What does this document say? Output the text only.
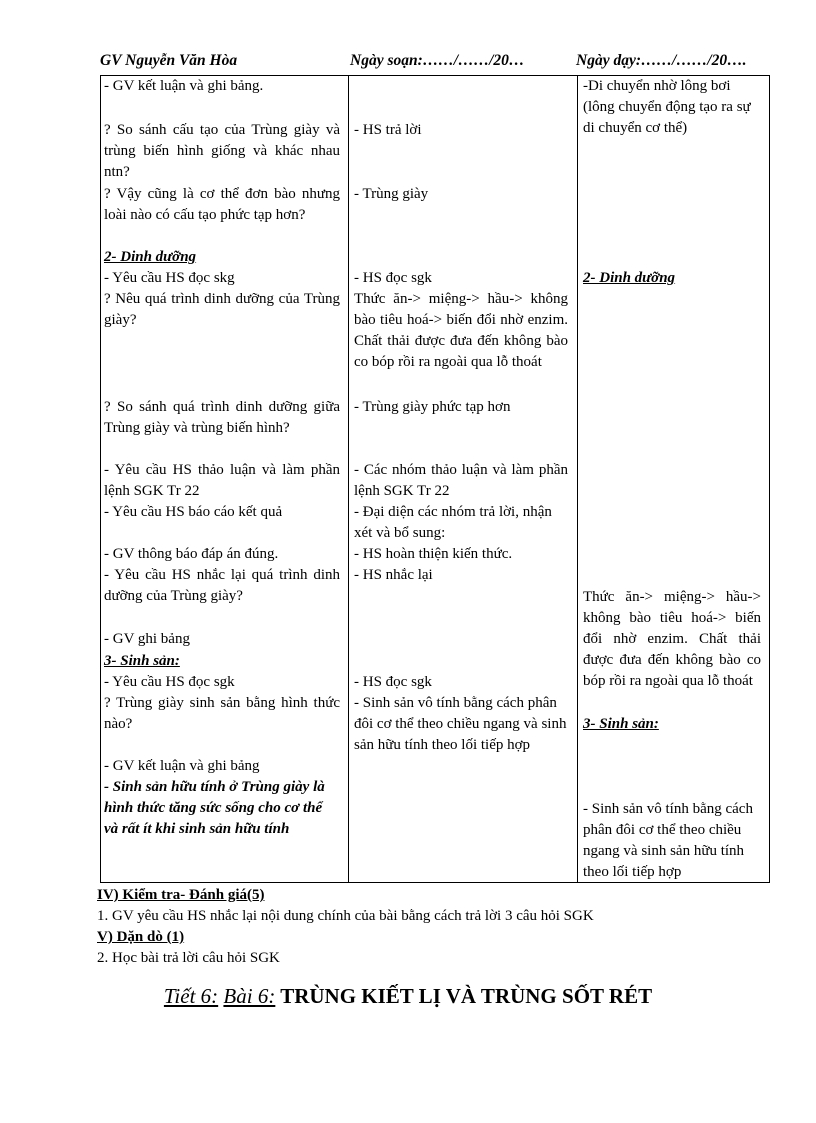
GV Nguyễn Văn Hòa	Ngày soạn:……/……/20…	Ngày dạy:……/……/20….
- GV kết luận và ghi bảng.
? So sánh cấu tạo của Trùng giày và trùng biến hình giống và khác nhau ntn?
? Vậy cũng là cơ thể đơn bào nhưng loài nào có cấu tạo phức tạp hơn?
2- Dinh dưỡng
- Yêu cầu HS đọc skg
? Nêu quá trình dinh dưỡng của Trùng giày?
? So sánh quá trình dinh dưỡng giữa Trùng giày và trùng biến hình?
- Yêu cầu HS thảo luận và làm phần lệnh SGK Tr 22
- Yêu cầu HS báo cáo kết quả
- GV thông báo đáp án đúng.
- Yêu cầu HS nhắc lại quá trình dinh dưỡng của Trùng giày?
- GV ghi bảng
3- Sinh sản:
- Yêu cầu HS đọc sgk
? Trùng giày sinh sản bằng hình thức nào?
- GV kết luận và ghi bảng
- Sinh sản hữu tính ở Trùng giày là hình thức tăng sức sống cho cơ thể và rất ít khi sinh sản hữu tính
- HS trả lời
- Trùng giày
- HS đọc sgk
Thức ăn-> miệng-> hầu-> không bào tiêu hoá-> biến đổi nhờ enzim. Chất thải được đưa đến không bào co bóp rồi ra ngoài qua lỗ thoát
- Trùng giày phức tạp hơn
- Các nhóm thảo luận và làm phần lệnh SGK Tr 22
- Đại diện các nhóm trả lời, nhận xét và bổ sung:
- HS hoàn thiện kiến thức.
- HS nhắc lại
- HS đọc sgk
- Sinh sản vô tính bằng cách phân đôi cơ thể theo chiều ngang và sinh sản hữu tính theo lối tiếp hợp
-Di chuyển nhờ lông bơi (lông chuyển động tạo ra sự di chuyển cơ thể)
2- Dinh dưỡng
Thức ăn-> miệng-> hầu-> không bào tiêu hoá-> biến đổi nhờ enzim. Chất thải được đưa đến không bào co bóp rồi ra ngoài qua lỗ thoát
3- Sinh sản:
- Sinh sản vô tính bằng cách phân đôi cơ thể theo chiều ngang và sinh sản hữu tính theo lối tiếp hợp
IV) Kiểm tra- Đánh giá(5)
1. GV yêu cầu HS nhắc lại nội dung chính của bài bằng cách trả lời 3 câu hỏi SGK
V) Dặn dò (1)
2. Học bài trả lời câu hỏi SGK
Tiết 6: Bài 6: TRÙNG KIẾT LỊ VÀ TRÙNG SỐT RÉT
